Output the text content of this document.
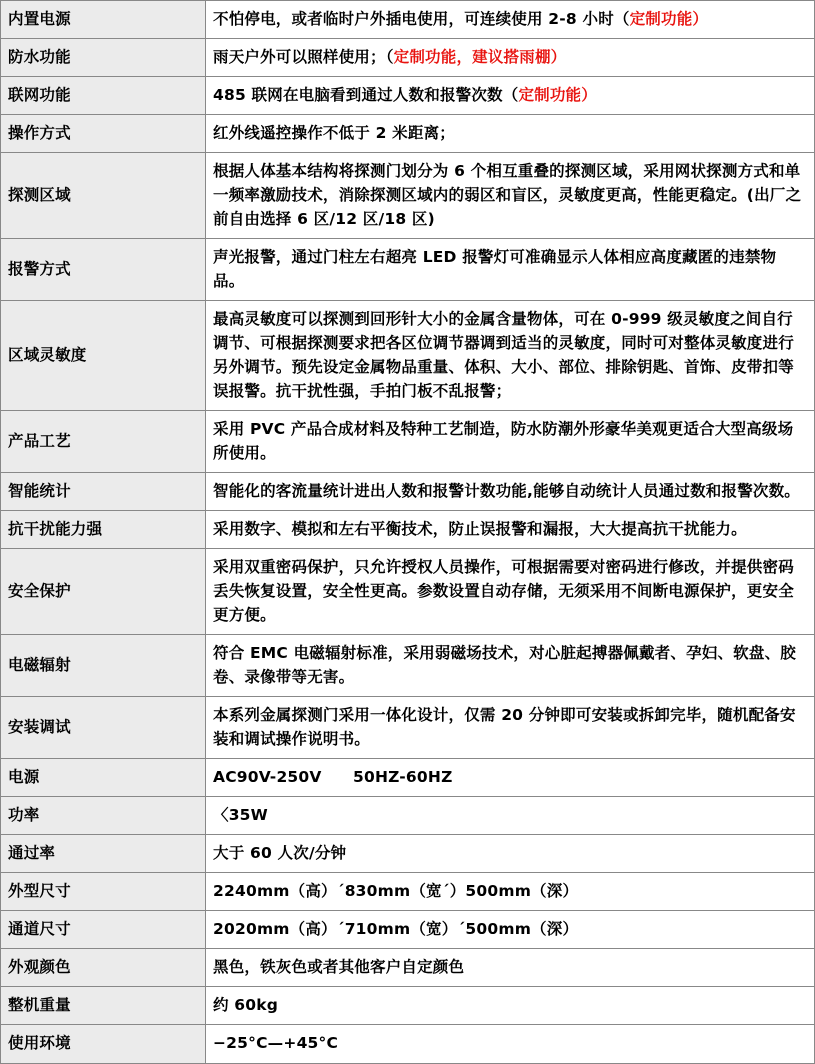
内置电源	不怕停电，或者临时户外插电使用，可连续使用 2-8 小时（定制功能）

防水功能	雨天户外可以照样使用；（定制功能，建议搭雨棚）

联网功能	485 联网在电脑看到通过人数和报警次数（定制功能）

操作方式	红外线遥控操作不低于 2 米距离；

探测区域	根据人体基本结构将探测门划分为 6 个相互重叠的探测区域，采用网状探测方式和单一频率激励技术，消除探测区域内的弱区和盲区，灵敏度更高，性能更稳定。(出厂之前自由选择 6 区/12 区/18 区)

报警方式	声光报警，通过门柱左右超亮 LED 报警灯可准确显示人体相应高度藏匿的违禁物品。

区域灵敏度	最高灵敏度可以探测到回形针大小的金属含量物体，可在 0-999 级灵敏度之间自行调节、可根据探测要求把各区位调节器调到适当的灵敏度，同时可对整体灵敏度进行另外调节。预先设定金属物品重量、体积、大小、部位、排除钥匙、首饰、皮带扣等误报警。抗干扰性强，手拍门板不乱报警；

产品工艺	采用 PVC 产品合成材料及特种工艺制造，防水防潮外形豪华美观更适合大型高级场所使用。

智能统计	智能化的客流量统计进出人数和报警计数功能,能够自动统计人员通过数和报警次数。

抗干扰能力强	采用数字、模拟和左右平衡技术，防止误报警和漏报，大大提高抗干扰能力。

安全保护	采用双重密码保护，只允许授权人员操作，可根据需要对密码进行修改，并提供密码丢失恢复设置，安全性更高。参数设置自动存储，无须采用不间断电源保护，更安全更方便。

电磁辐射	符合 EMC 电磁辐射标准，采用弱磁场技术，对心脏起搏器佩戴者、孕妇、软盘、胶卷、录像带等无害。

安装调试	本系列金属探测门采用一体化设计，仅需 20 分钟即可安装或拆卸完毕，随机配备安装和调试操作说明书。

电源	AC90V-250V　　50HZ-60HZ

功率	〈35W

通过率	大于 60 人次/分钟

外型尺寸	2240mm（高）´830mm（宽´）500mm（深）

通道尺寸	2020mm（高）´710mm（宽）´500mm（深）

外观颜色	黑色，铁灰色或者其他客户自定颜色

整机重量	约 60kg

使用环境	−25°C—+45°C
